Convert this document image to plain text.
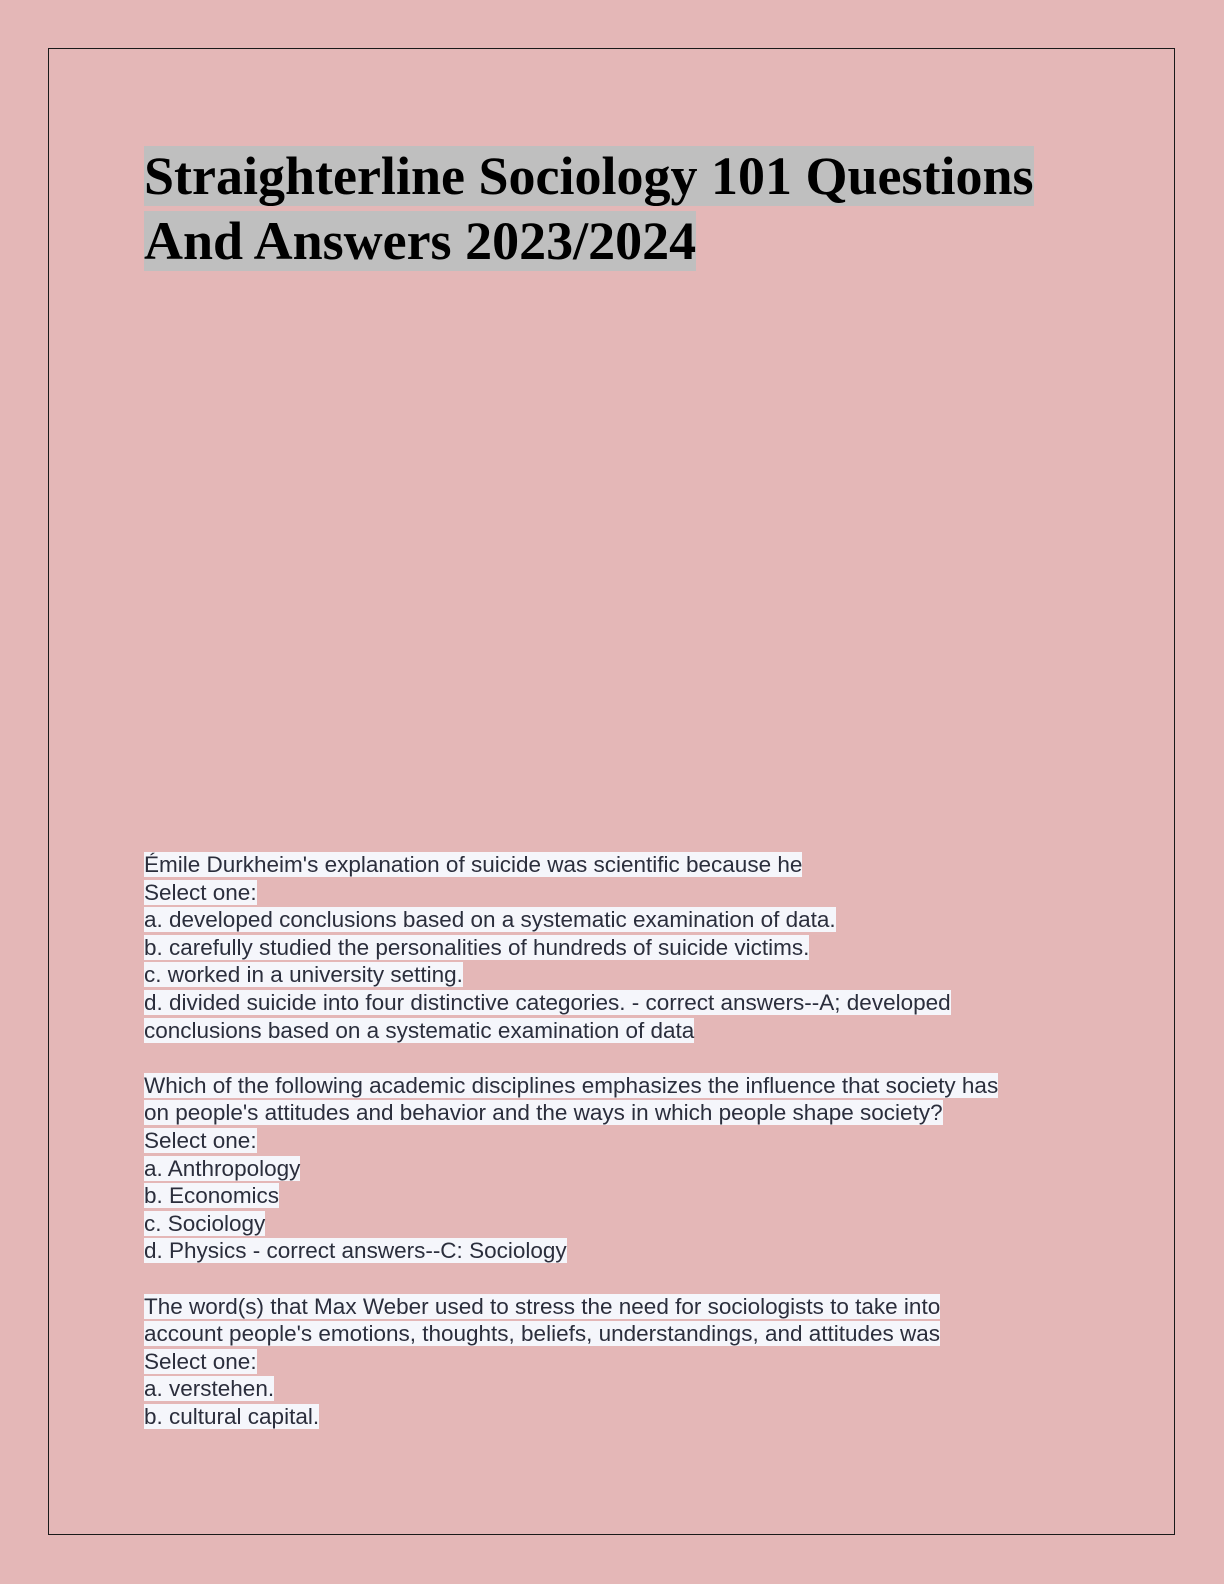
Straighterline Sociology 101 Questions
And Answers 2023/2024
Émile Durkheim's explanation of suicide was scientific because he
Select one:
a. developed conclusions based on a systematic examination of data.
b. carefully studied the personalities of hundreds of suicide victims.
c. worked in a university setting.
d. divided suicide into four distinctive categories. - correct answers--A; developed
conclusions based on a systematic examination of data
Which of the following academic disciplines emphasizes the influence that society has
on people's attitudes and behavior and the ways in which people shape society?
Select one:
a. Anthropology
b. Economics
c. Sociology
d. Physics - correct answers--C: Sociology
The word(s) that Max Weber used to stress the need for sociologists to take into
account people's emotions, thoughts, beliefs, understandings, and attitudes was
Select one:
a. verstehen.
b. cultural capital.
